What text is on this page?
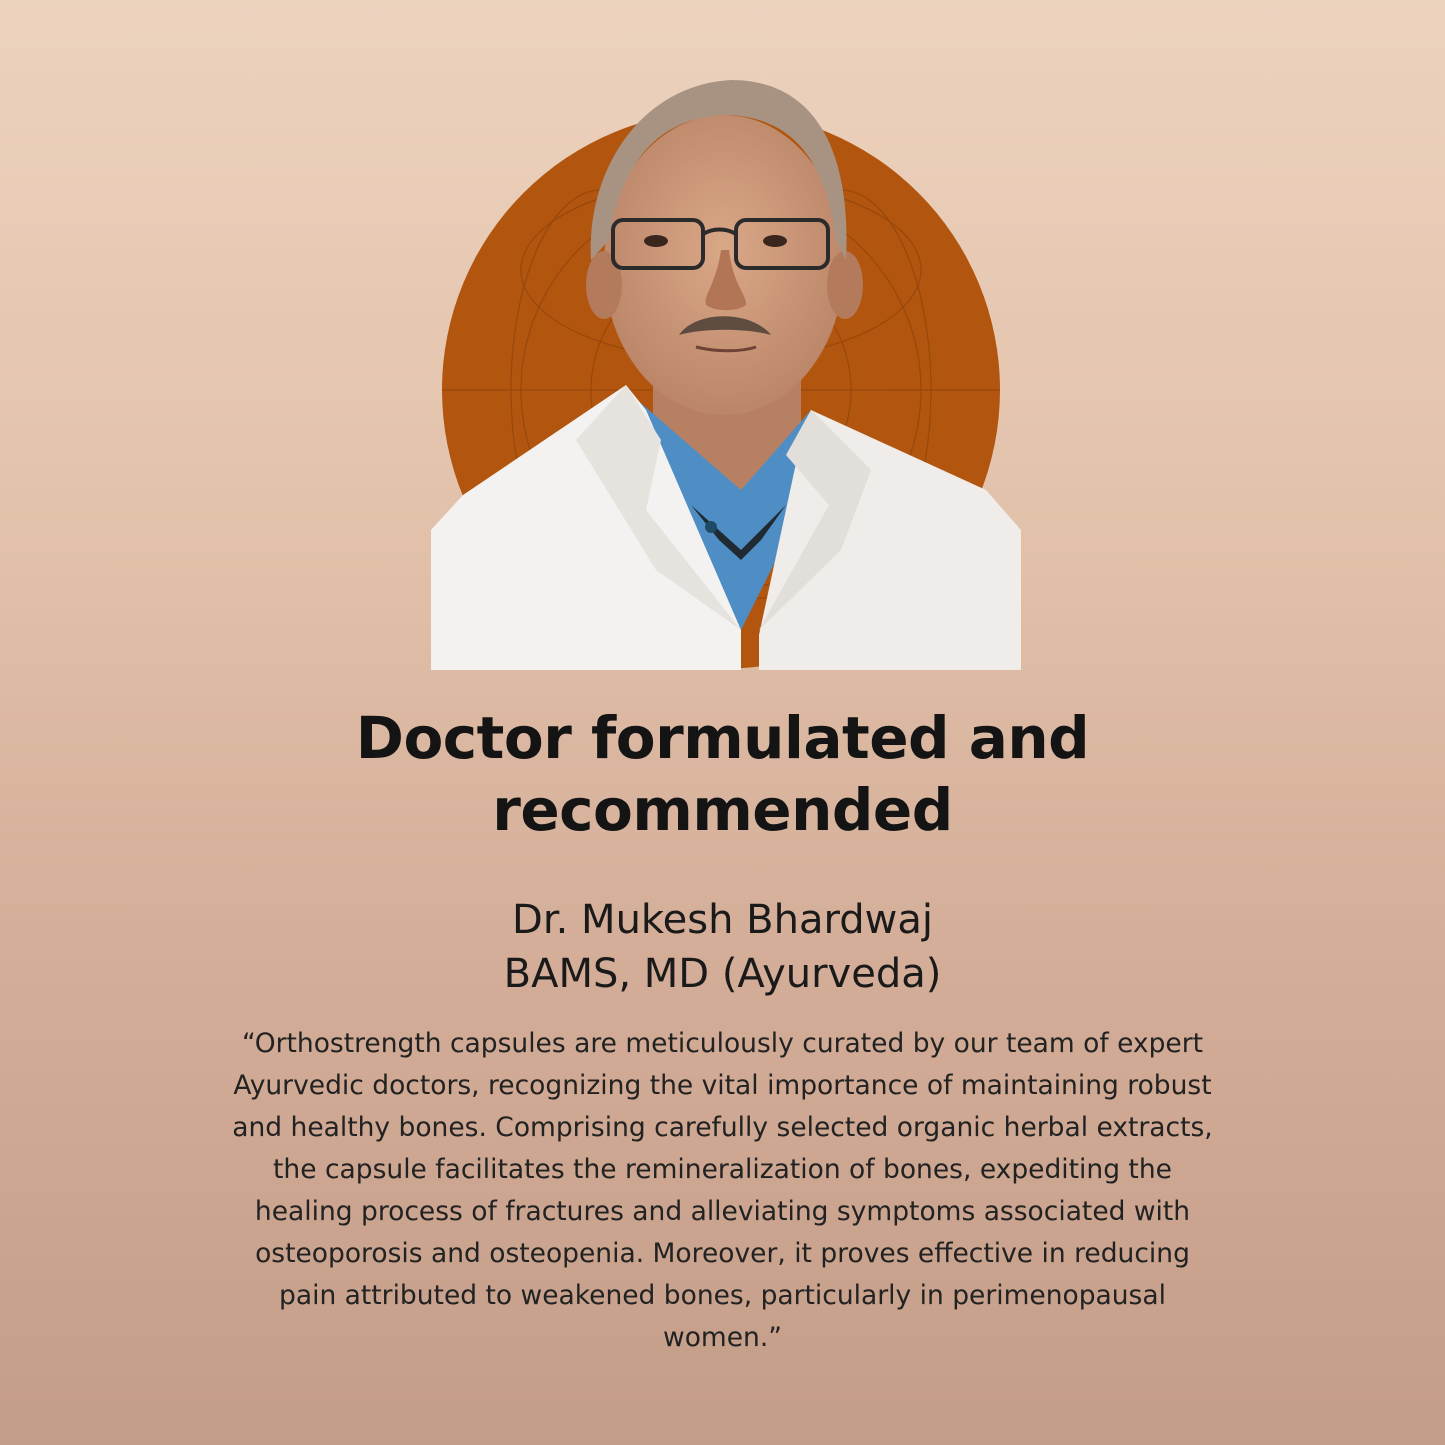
Doctor formulated and
recommended
Dr. Mukesh Bhardwaj
BAMS, MD (Ayurveda)
“Orthostrength capsules are meticulously curated by our team of expert Ayurvedic doctors, recognizing the vital importance of maintaining robust and healthy bones. Comprising carefully selected organic herbal extracts, the capsule facilitates the remineralization of bones, expediting the healing process of fractures and alleviating symptoms associated with osteoporosis and osteopenia. Moreover, it proves effective in reducing pain attributed to weakened bones, particularly in perimenopausal women.”
